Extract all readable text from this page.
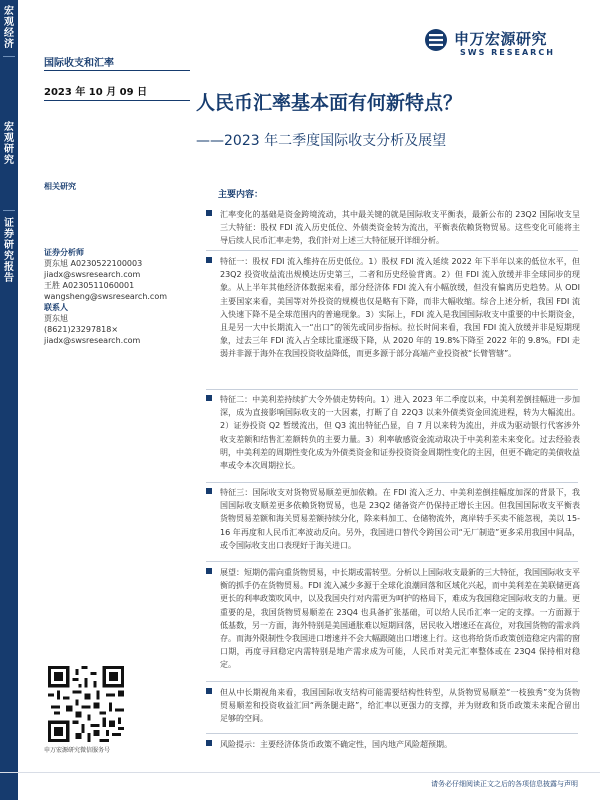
宏观经济
宏观研究
证券研究报告
申万宏源研究
SWS RESEARCH
国际收支和汇率
2023 年 10 月 09 日	人民币汇率基本面有何新特点？
——2023 年二季度国际收支分析及展望
相关研究
证券分析师
贾东旭 A0230522100003
jiadx@swsresearch.com
王胜 A0230511060001
wangsheng@swsresearch.com
联系人
贾东旭
(8621)23297818×
jiadx@swsresearch.com
申万宏源研究微信服务号
主要内容：
汇率变化的基础是资金跨境流动，其中最关键的就是国际收支平衡表，最新公布的 23Q2 国际收支呈三大特征：股权 FDI 流入历史低位、外债类资金转为流出，平衡表依赖货物贸易。这些变化可能将主导后续人民币汇率走势，我们针对上述三大特征展开详细分析。
特征一：股权 FDI 流入维持在历史低位。1）股权 FDI 流入延续 2022 年下半年以来的低位水平，但 23Q2 投资收益流出规模达历史第三，二者和历史经验背离。2）但 FDI 流入放缓并非全球同步的现象。从上半年其他经济体数据来看，部分经济体 FDI 流入有小幅放缓，但没有偏离历史趋势。从 ODI 主要国家来看，美国等对外投资的规模也仅是略有下降，而非大幅收缩。综合上述分析，我国 FDI 流入快速下降不是全球范围内的普遍现象。3）实际上，FDI 流入是我国国际收支中重要的中长期资金，且是另一大中长期流入一“出口”的领先或同步指标。拉长时间来看，我国 FDI 流入放缓并非是短期现象，过去三年 FDI 流入占全球比重逐级下降，从 2020 年的 19.8%下降至 2022 年的 9.8%。FDI 走弱并非源于海外在我国投资收益降低，而更多源于部分高端产业投资被“长臂管辖”。
特征二：中美利差持续扩大令外债走势转向。1）进入 2023 年二季度以来，中美利差倒挂幅进一步加深，成为直接影响国际收支的一大因素，打断了自 22Q3 以来外债类资金回流进程，转为大幅流出。2）证券投资 Q2 暂缓流出，但 Q3 流出特征凸显，自 7 月以来转为流出，并成为驱动银行代客涉外收支差额和结售汇差额转负的主要力量。3）利率敏感资金流动取决于中美利差未来变化。过去经验表明，中美利差的周期性变化成为外债类资金和证券投资资金周期性变化的主因，但更不确定的美债收益率或令本次周期拉长。
特征三：国际收支对货物贸易顺差更加依赖。在 FDI 流入乏力、中美利差倒挂幅度加深的背景下，我国国际收支顺差更多依赖货物贸易，也是 23Q2 储备资产仍保持正增长主因。但我国国际收支平衡表货物贸易差额和海关贸易差额持续分化，除来料加工、仓储物流外，离岸转手买卖不能忽视，美以 15-16 年再度和人民币汇率波动反向。另外，我国进口替代令跨国公司“无厂制造”更多采用我国中间品，或令国际收支出口表现好于海关进口。
展望：短期仍需向重货物贸易，中长期或需转型。分析以上国际收支最新的三大特征，我国国际收支平衡的抓手仍在货物贸易。FDI 流入减少多源于全球化浪潮回落和区域化兴起，而中美利差在美联储更高更长的利率政策吹风中，以及我国央行对内需更为呵护的格局下，难成为我国稳定国际收支的力量。更重要的是，我国货物贸易顺差在 23Q4 也具备扩张基础，可以给人民币汇率一定的支撑。一方面源于低基数，另一方面，海外特别是美国通胀难以短期回落，居民收入增速还在高位，对我国货物的需求尚存。而海外限制性令我国进口增速并不会大幅跟随出口增速上行。这也将给货币政策创造稳定内需的窗口期，再度寻回稳定内需特别是地产需求成为可能，人民币对美元汇率整体或在 23Q4 保持相对稳定。
但从中长期视角来看，我国国际收支结构可能需要结构性转型，从货物贸易顺差“一枝独秀”变为货物贸易顺差和投资收益汇回“两条腿走路”，给汇率以更强力的支撑，并为财政和货币政策未来配合留出足够的空间。
风险提示：主要经济体货币政策不确定性，国内地产风险超预期。
请务必仔细阅读正文之后的各项信息披露与声明
